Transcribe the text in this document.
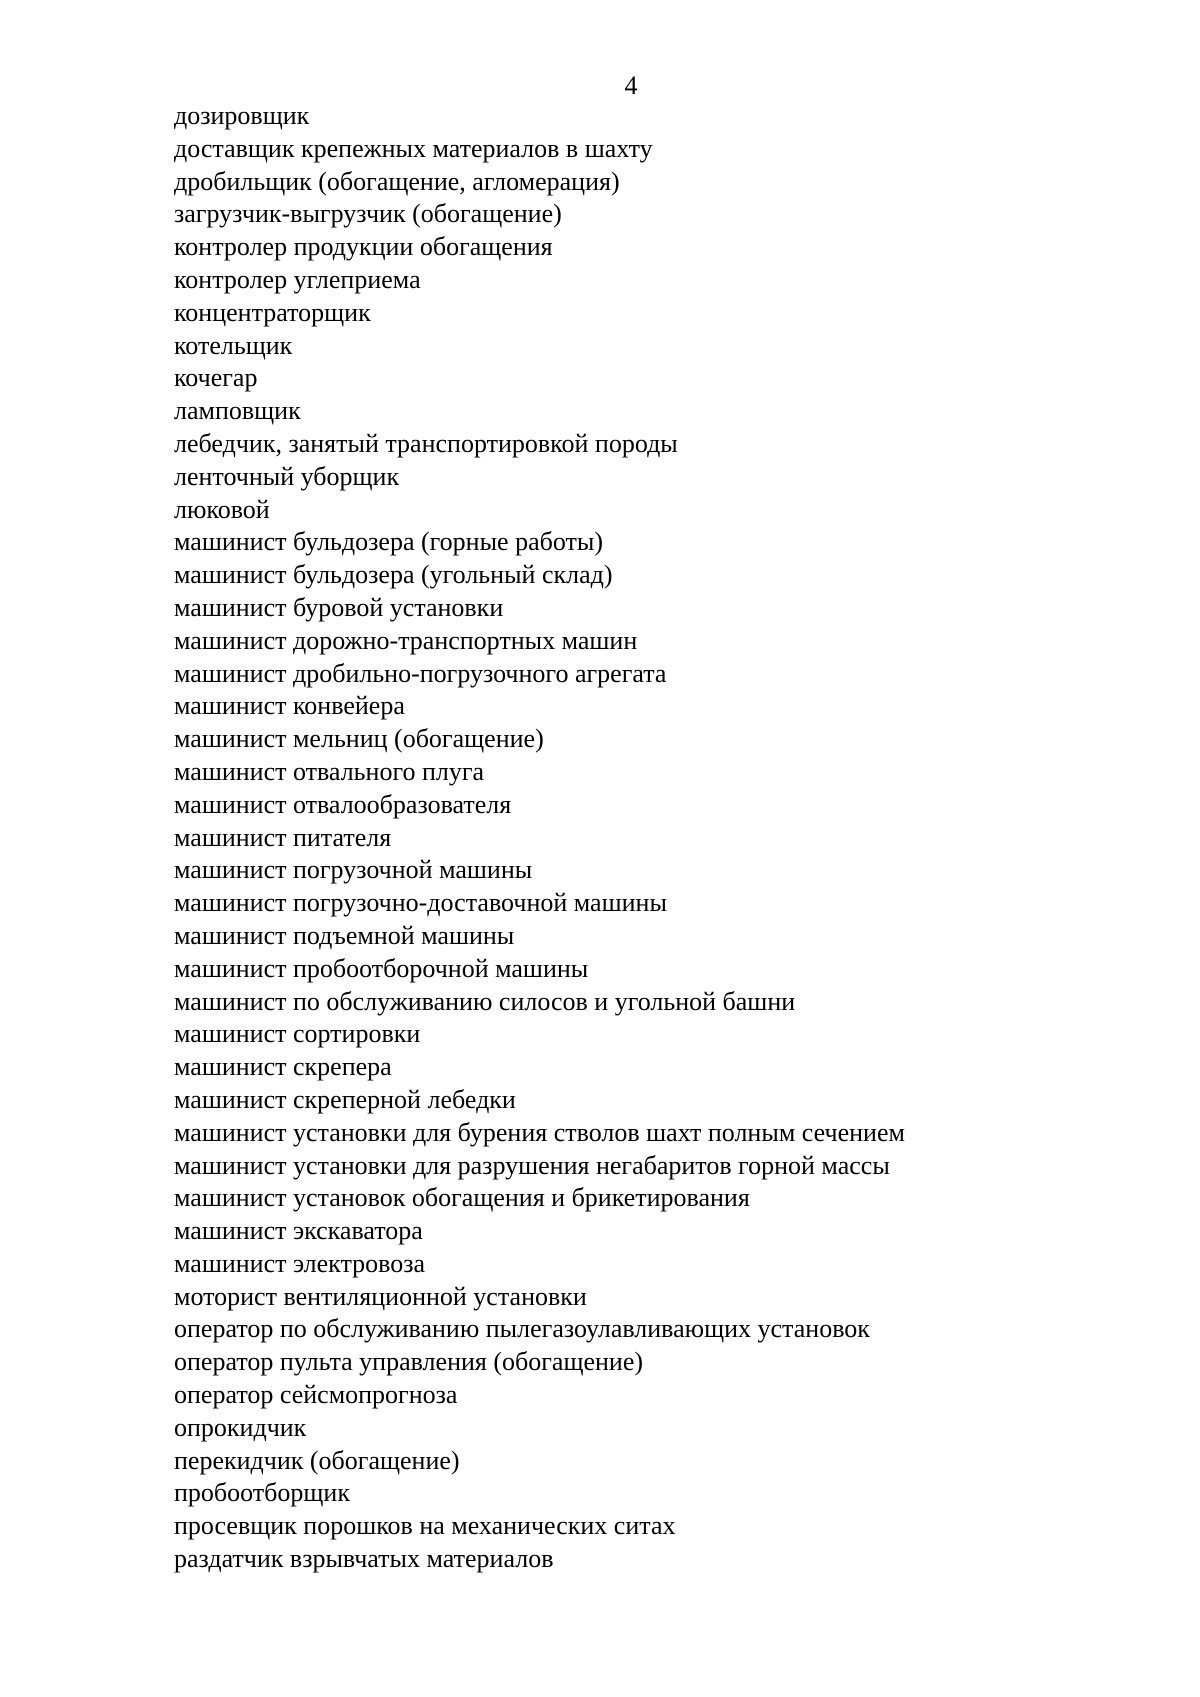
4
дозировщик
доставщик крепежных материалов в шахту
дробильщик (обогащение, агломерация)
загрузчик-выгрузчик (обогащение)
контролер продукции обогащения
контролер углеприема
концентраторщик
котельщик
кочегар
ламповщик
лебедчик, занятый транспортировкой породы
ленточный уборщик
люковой
машинист бульдозера (горные работы)
машинист бульдозера (угольный склад)
машинист буровой установки
машинист дорожно-транспортных машин
машинист дробильно-погрузочного агрегата
машинист конвейера
машинист мельниц (обогащение)
машинист отвального плуга
машинист отвалообразователя
машинист питателя
машинист погрузочной машины
машинист погрузочно-доставочной машины
машинист подъемной машины
машинист пробоотборочной машины
машинист по обслуживанию силосов и угольной башни
машинист сортировки
машинист скрепера
машинист скреперной лебедки
машинист установки для бурения стволов шахт полным сечением
машинист установки для разрушения негабаритов горной массы
машинист установок обогащения и брикетирования
машинист экскаватора
машинист электровоза
моторист вентиляционной установки
оператор по обслуживанию пылегазоулавливающих установок
оператор пульта управления (обогащение)
оператор сейсмопрогноза
опрокидчик
перекидчик (обогащение)
пробоотборщик
просевщик порошков на механических ситах
раздатчик взрывчатых материалов
